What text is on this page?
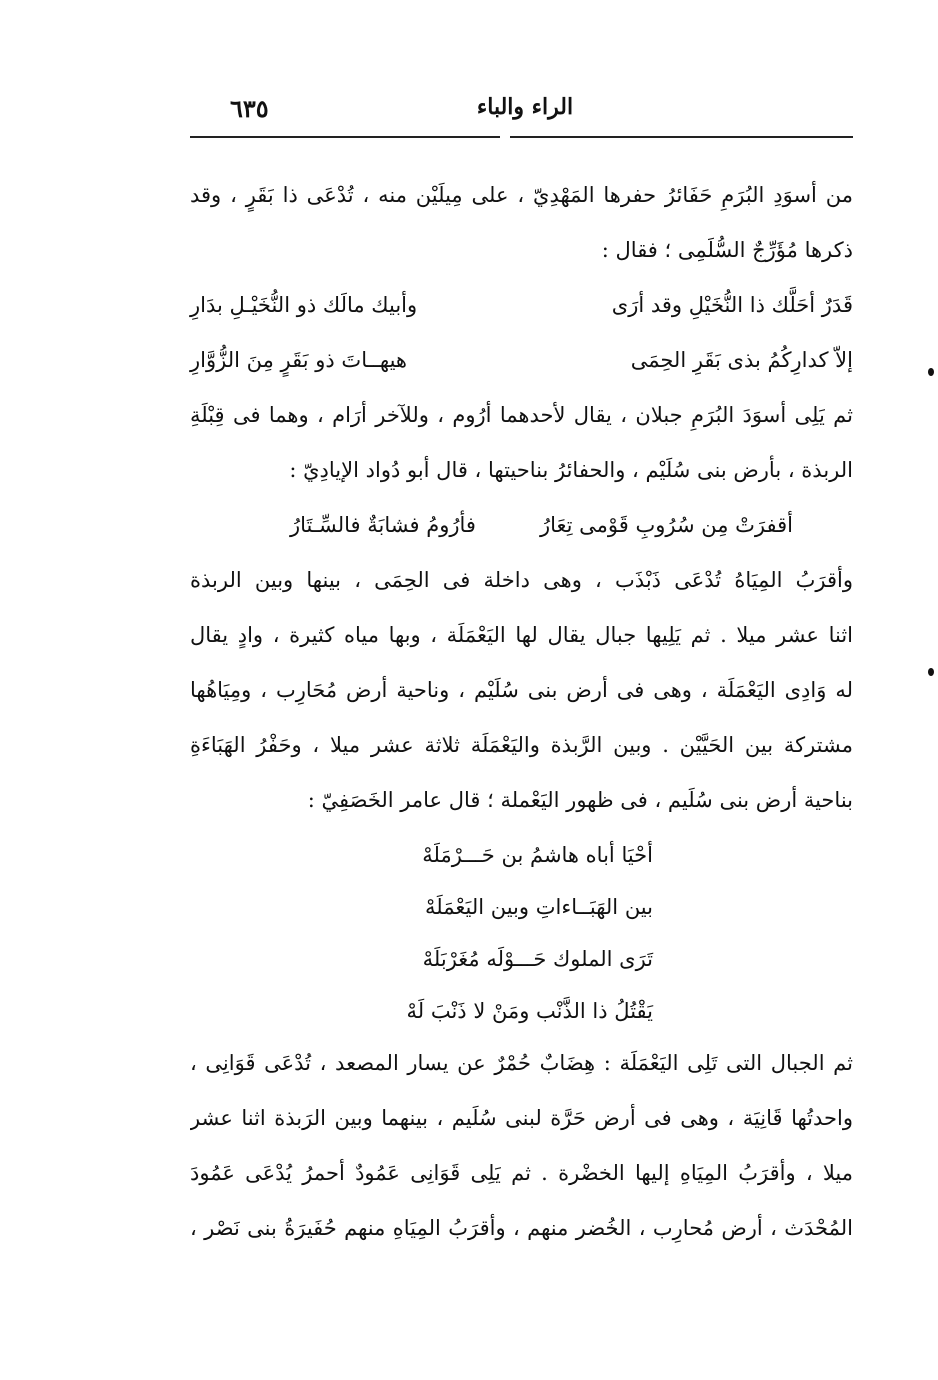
٦٣٥	الراء والباء
من أسوَدِ البُرَمِ حَفَائرُ حفرها المَهْدِيّ ، على مِيلَيْن منه ، تُدْعَى ذا بَقَرٍ ، وقد
ذكرها مُؤَرِّجٌ السُّلَمِى ؛ فقال :
قَدَرٌ أحَلَّك ذا النُّخَيْلِ وقد أرَى
وأبيك مالَك ذو النُّخَيْـلِ بدَارِ
إلاّ كدارِكُمُ بذى بَقَرِ الحِمَى
هيهــاتَ ذو بَقَرٍ مِنَ الزُّوَّارِ
ثم يَلِى أسوَدَ البُرَمِ جبلان ، يقال لأحدهما أرُوم ، وللآخر أرَام ، وهما فى قِبْلَةِ
الربذة ، بأرض بنى سُلَيْم ، والحفائرُ بناحيتها ، قال أبو دُواد الإيادِيّ :
أقفرَتْ مِن سُرُوبِ قَوْمى تِعَارُ
فأرُومُ فشابَةٌ فالسِّـتَارُ
وأقرَبُ المِيَاهُ تُدْعَى ذَبْذَب ، وهى داخلة فى الحِمَى ، بينها وبين الربذة
اثنا عشر ميلا . ثم يَلِيها جبال يقال لها اليَعْمَلَة ، وبها مياه كثيرة ، وادٍ يقال
له وَادِى اليَعْمَلَة ، وهى فى أرض بنى سُلَيْم ، وناحية أرض مُحَارِب ، ومِيَاهُها
مشتركة بين الحَيَّيْن . وبين الرَّبذة واليَعْمَلَة ثلاثة عشر ميلا ، وحَفْرُ الهَبَاءَةِ
بناحية أرض بنى سُلَيم ، فى ظهور اليَعْملة ؛ قال عامر الخَصَفِيّ :
أحْيَا أباه هاشمُ بن حَـــرْمَلَهْ
بين الهَبَــاءاتِ وبين اليَعْمَلَهْ
تَرَى الملوك حَـــوْلَه مُغَرْبَلَهْ
يَقْتُلُ ذا الذَّنْب ومَنْ لا ذَنْبَ لَهْ
ثم الجبال التى تَلِى اليَعْمَلَة : هِضَابٌ حُمْرٌ عن يسار المصعد ، تُدْعَى قَوَانِى ،
واحدتُها قَانِيَة ، وهى فى أرض حَرَّة لبنى سُلَيم ، بينهما وبين الرَبذة اثنا عشر
ميلا ، وأقرَبُ المِيَاهِ إليها الخضْرة . ثم يَلِى قَوَانِى عَمُودٌ أحمرُ يُدْعَى عَمُودَ
المُحْدَث ، أرض مُحارِب ، الخُضر منهم ، وأقرَبُ المِيَاهِ منهم حُفَيرَةُ بنى نَصْر ،
